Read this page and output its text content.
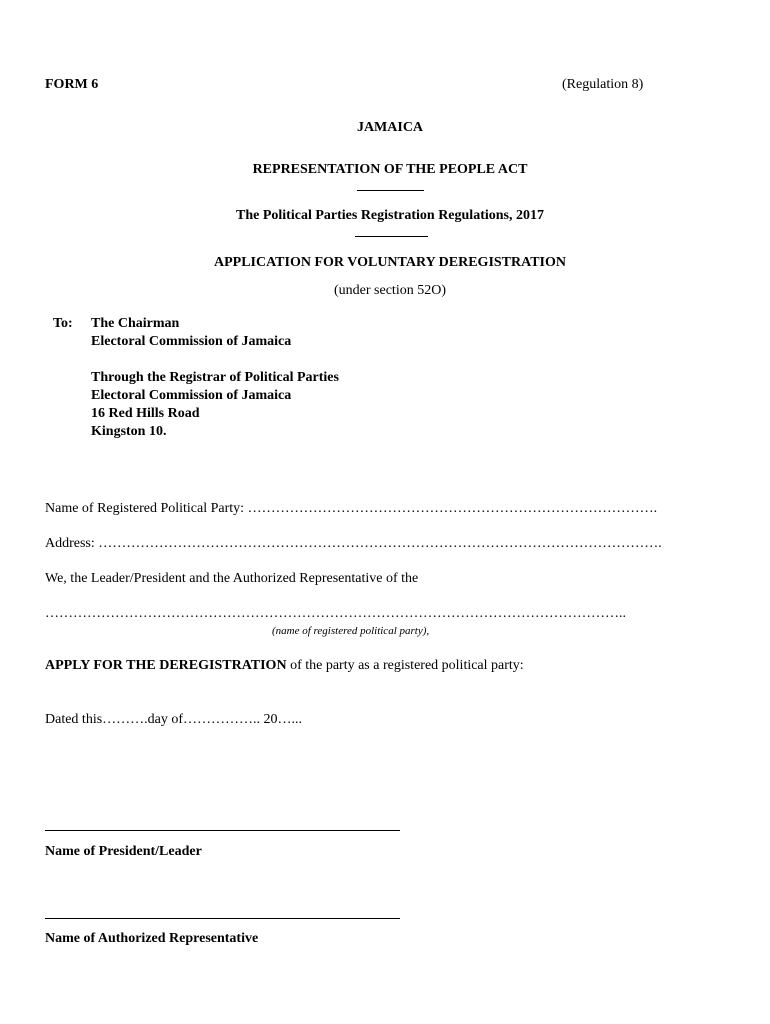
FORM 6	(Regulation 8)
JAMAICA
REPRESENTATION OF THE PEOPLE ACT
The Political Parties Registration Regulations, 2017
APPLICATION FOR VOLUNTARY DEREGISTRATION
(under section 52O)
To: The Chairman
Electoral Commission of Jamaica
Through the Registrar of Political Parties
Electoral Commission of Jamaica
16 Red Hills Road
Kingston 10.
Name of Registered Political Party: …………………………………………………………………………….
Address: ………………………………………………………………………………………………………….
We, the Leader/President and the Authorized Representative of the
……………………………………………………………………………………………………………..
(name of registered political party),
APPLY FOR THE DEREGISTRATION of the party as a registered political party:
Dated this……….day of…………….. 20…...
Name of President/Leader
Name of Authorized Representative
